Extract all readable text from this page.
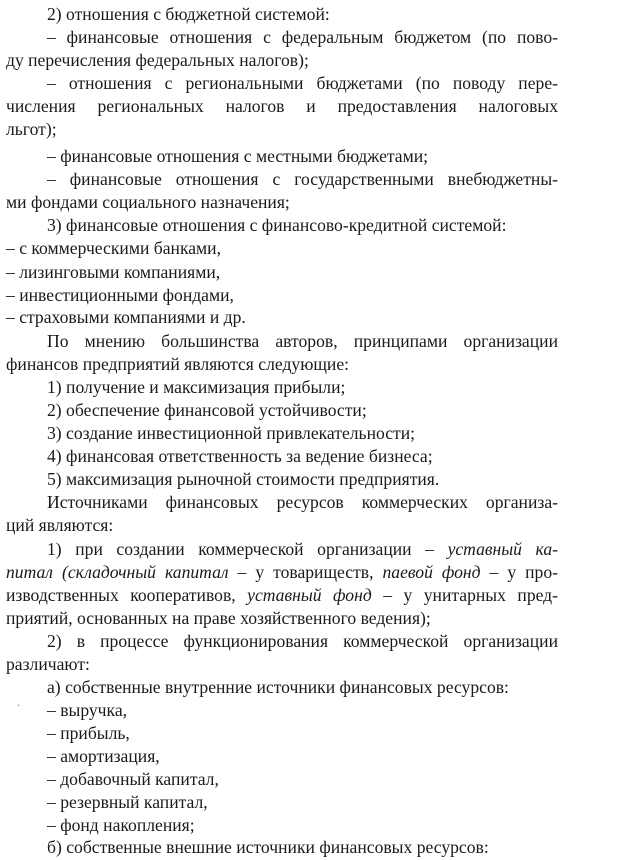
2) отношения с бюджетной системой:
– финансовые отношения с федеральным бюджетом (по пово-
ду перечисления федеральных налогов);
– отношения с региональными бюджетами (по поводу пере-
числения региональных налогов и предоставления налоговых
льгот);
– финансовые отношения с местными бюджетами;
– финансовые отношения с государственными внебюджетны-
ми фондами социального назначения;
3) финансовые отношения с финансово-кредитной системой:
– с коммерческими банками,
– лизинговыми компаниями,
– инвестиционными фондами,
– страховыми компаниями и др.
По мнению большинства авторов, принципами организации
финансов предприятий являются следующие:
1) получение и максимизация прибыли;
2) обеспечение финансовой устойчивости;
3) создание инвестиционной привлекательности;
4) финансовая ответственность за ведение бизнеса;
5) максимизация рыночной стоимости предприятия.
Источниками финансовых ресурсов коммерческих организа-
ций являются:
1) при создании коммерческой организации – уставный ка-
питал (складочный капитал – у товариществ, паевой фонд – у про-
изводственных кооперативов, уставный фонд – у унитарных пред-
приятий, основанных на праве хозяйственного ведения);
2) в процессе функционирования коммерческой организации
различают:
а) собственные внутренние источники финансовых ресурсов:
– выручка,
– прибыль,
– амортизация,
– добавочный капитал,
– резервный капитал,
– фонд накопления;
б) собственные внешние источники финансовых ресурсов:
·
